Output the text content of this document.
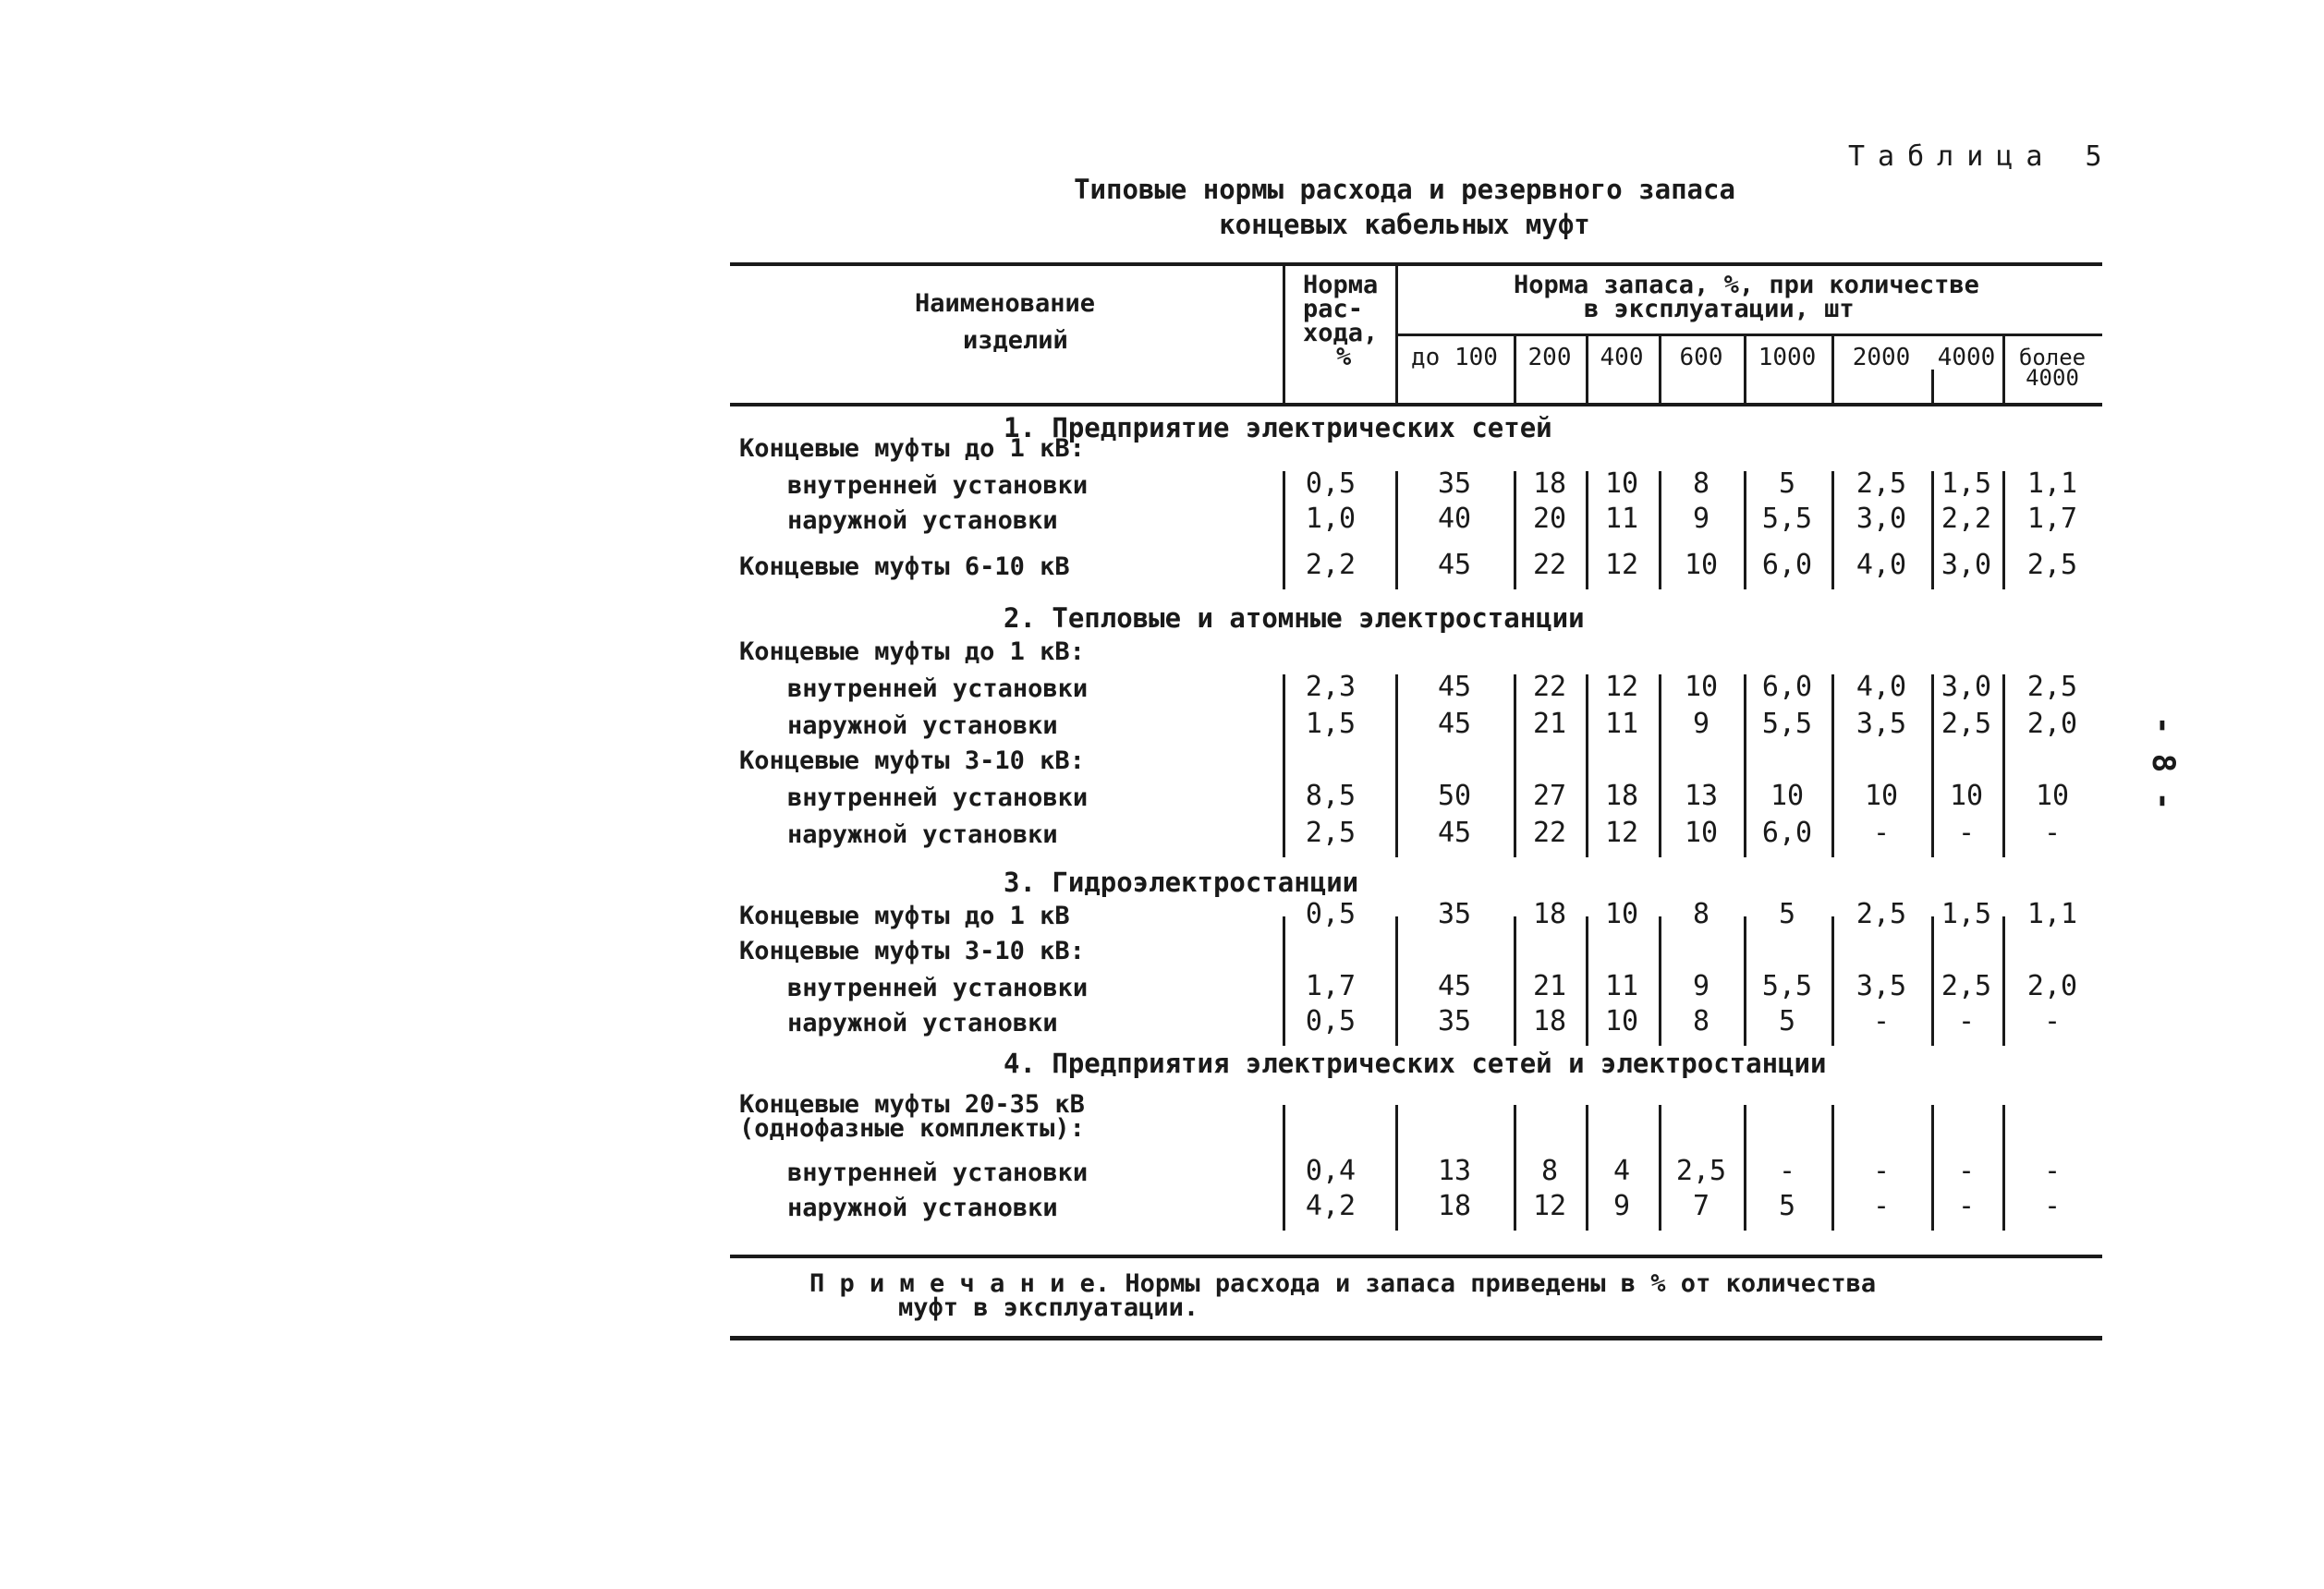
Таблица 5
Типовые нормы расхода и резервного запаса
концевых кабельных муфт
- 8 -
Наименование
изделий
Норма
рас-
хода,
%
Норма запаса, %, при количестве
в эксплуатации, шт
до 100	200	400	600	1000	2000	4000	более 4000
1. Предприятие электрических сетей
Концевые муфты до 1 кВ:
внутренней установки	0,5	35	18	10	8	5	2,5	1,5	1,1
наружной установки	1,0	40	20	11	9	5,5	3,0	2,2	1,7
Концевые муфты 6-10 кВ	2,2	45	22	12	10	6,0	4,0	3,0	2,5
2. Тепловые и атомные электростанции
Концевые муфты до 1 кВ:
внутренней установки	2,3	45	22	12	10	6,0	4,0	3,0	2,5
наружной установки	1,5	45	21	11	9	5,5	3,5	2,5	2,0
Концевые муфты 3-10 кВ:
внутренней установки	8,5	50	27	18	13	10	10	10	10
наружной установки	2,5	45	22	12	10	6,0	-	-	-
3. Гидроэлектростанции
Концевые муфты до 1 кВ	0,5	35	18	10	8	5	2,5	1,5	1,1
Концевые муфты 3-10 кВ:
внутренней установки	1,7	45	21	11	9	5,5	3,5	2,5	2,0
наружной установки	0,5	35	18	10	8	5	-	-	-
4. Предприятия электрических сетей и электростанции
Концевые муфты 20-35 кВ
(однофазные комплекты):
внутренней установки	0,4	13	8	4	2,5	-	-	-	-
наружной установки	4,2	18	12	9	7	5	-	-	-
П р и м е ч а н и е. Нормы расхода и запаса приведены в % от количества
муфт в эксплуатации.
